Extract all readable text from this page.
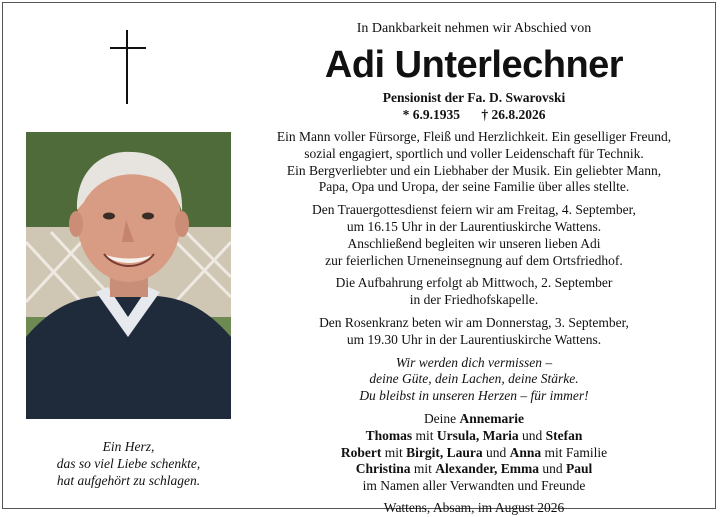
Ein Herz,
das so viel Liebe schenkte,
hat aufgehört zu schlagen.
In Dankbarkeit nehmen wir Abschied von
Adi Unterlechner
Pensionist der Fa. D. Swarovski
* 6.9.1935 † 26.8.2026
Ein Mann voller Fürsorge, Fleiß und Herzlichkeit. Ein geselliger Freund,
sozial engagiert, sportlich und voller Leidenschaft für Technik.
Ein Bergverliebter und ein Liebhaber der Musik. Ein geliebter Mann,
Papa, Opa und Uropa, der seine Familie über alles stellte.
Den Trauergottesdienst feiern wir am Freitag, 4. September,
um 16.15 Uhr in der Laurentiuskirche Wattens.
Anschließend begleiten wir unseren lieben Adi
zur feierlichen Urneneinsegnung auf dem Ortsfriedhof.
Die Aufbahrung erfolgt ab Mittwoch, 2. September
in der Friedhofskapelle.
Den Rosenkranz beten wir am Donnerstag, 3. September,
um 19.30 Uhr in der Laurentiuskirche Wattens.
Wir werden dich vermissen –
deine Güte, dein Lachen, deine Stärke.
Du bleibst in unseren Herzen – für immer!
Deine Annemarie
Thomas mit Ursula, Maria und Stefan
Robert mit Birgit, Laura und Anna mit Familie
Christina mit Alexander, Emma und Paul
im Namen aller Verwandten und Freunde
Wattens, Absam, im August 2026
